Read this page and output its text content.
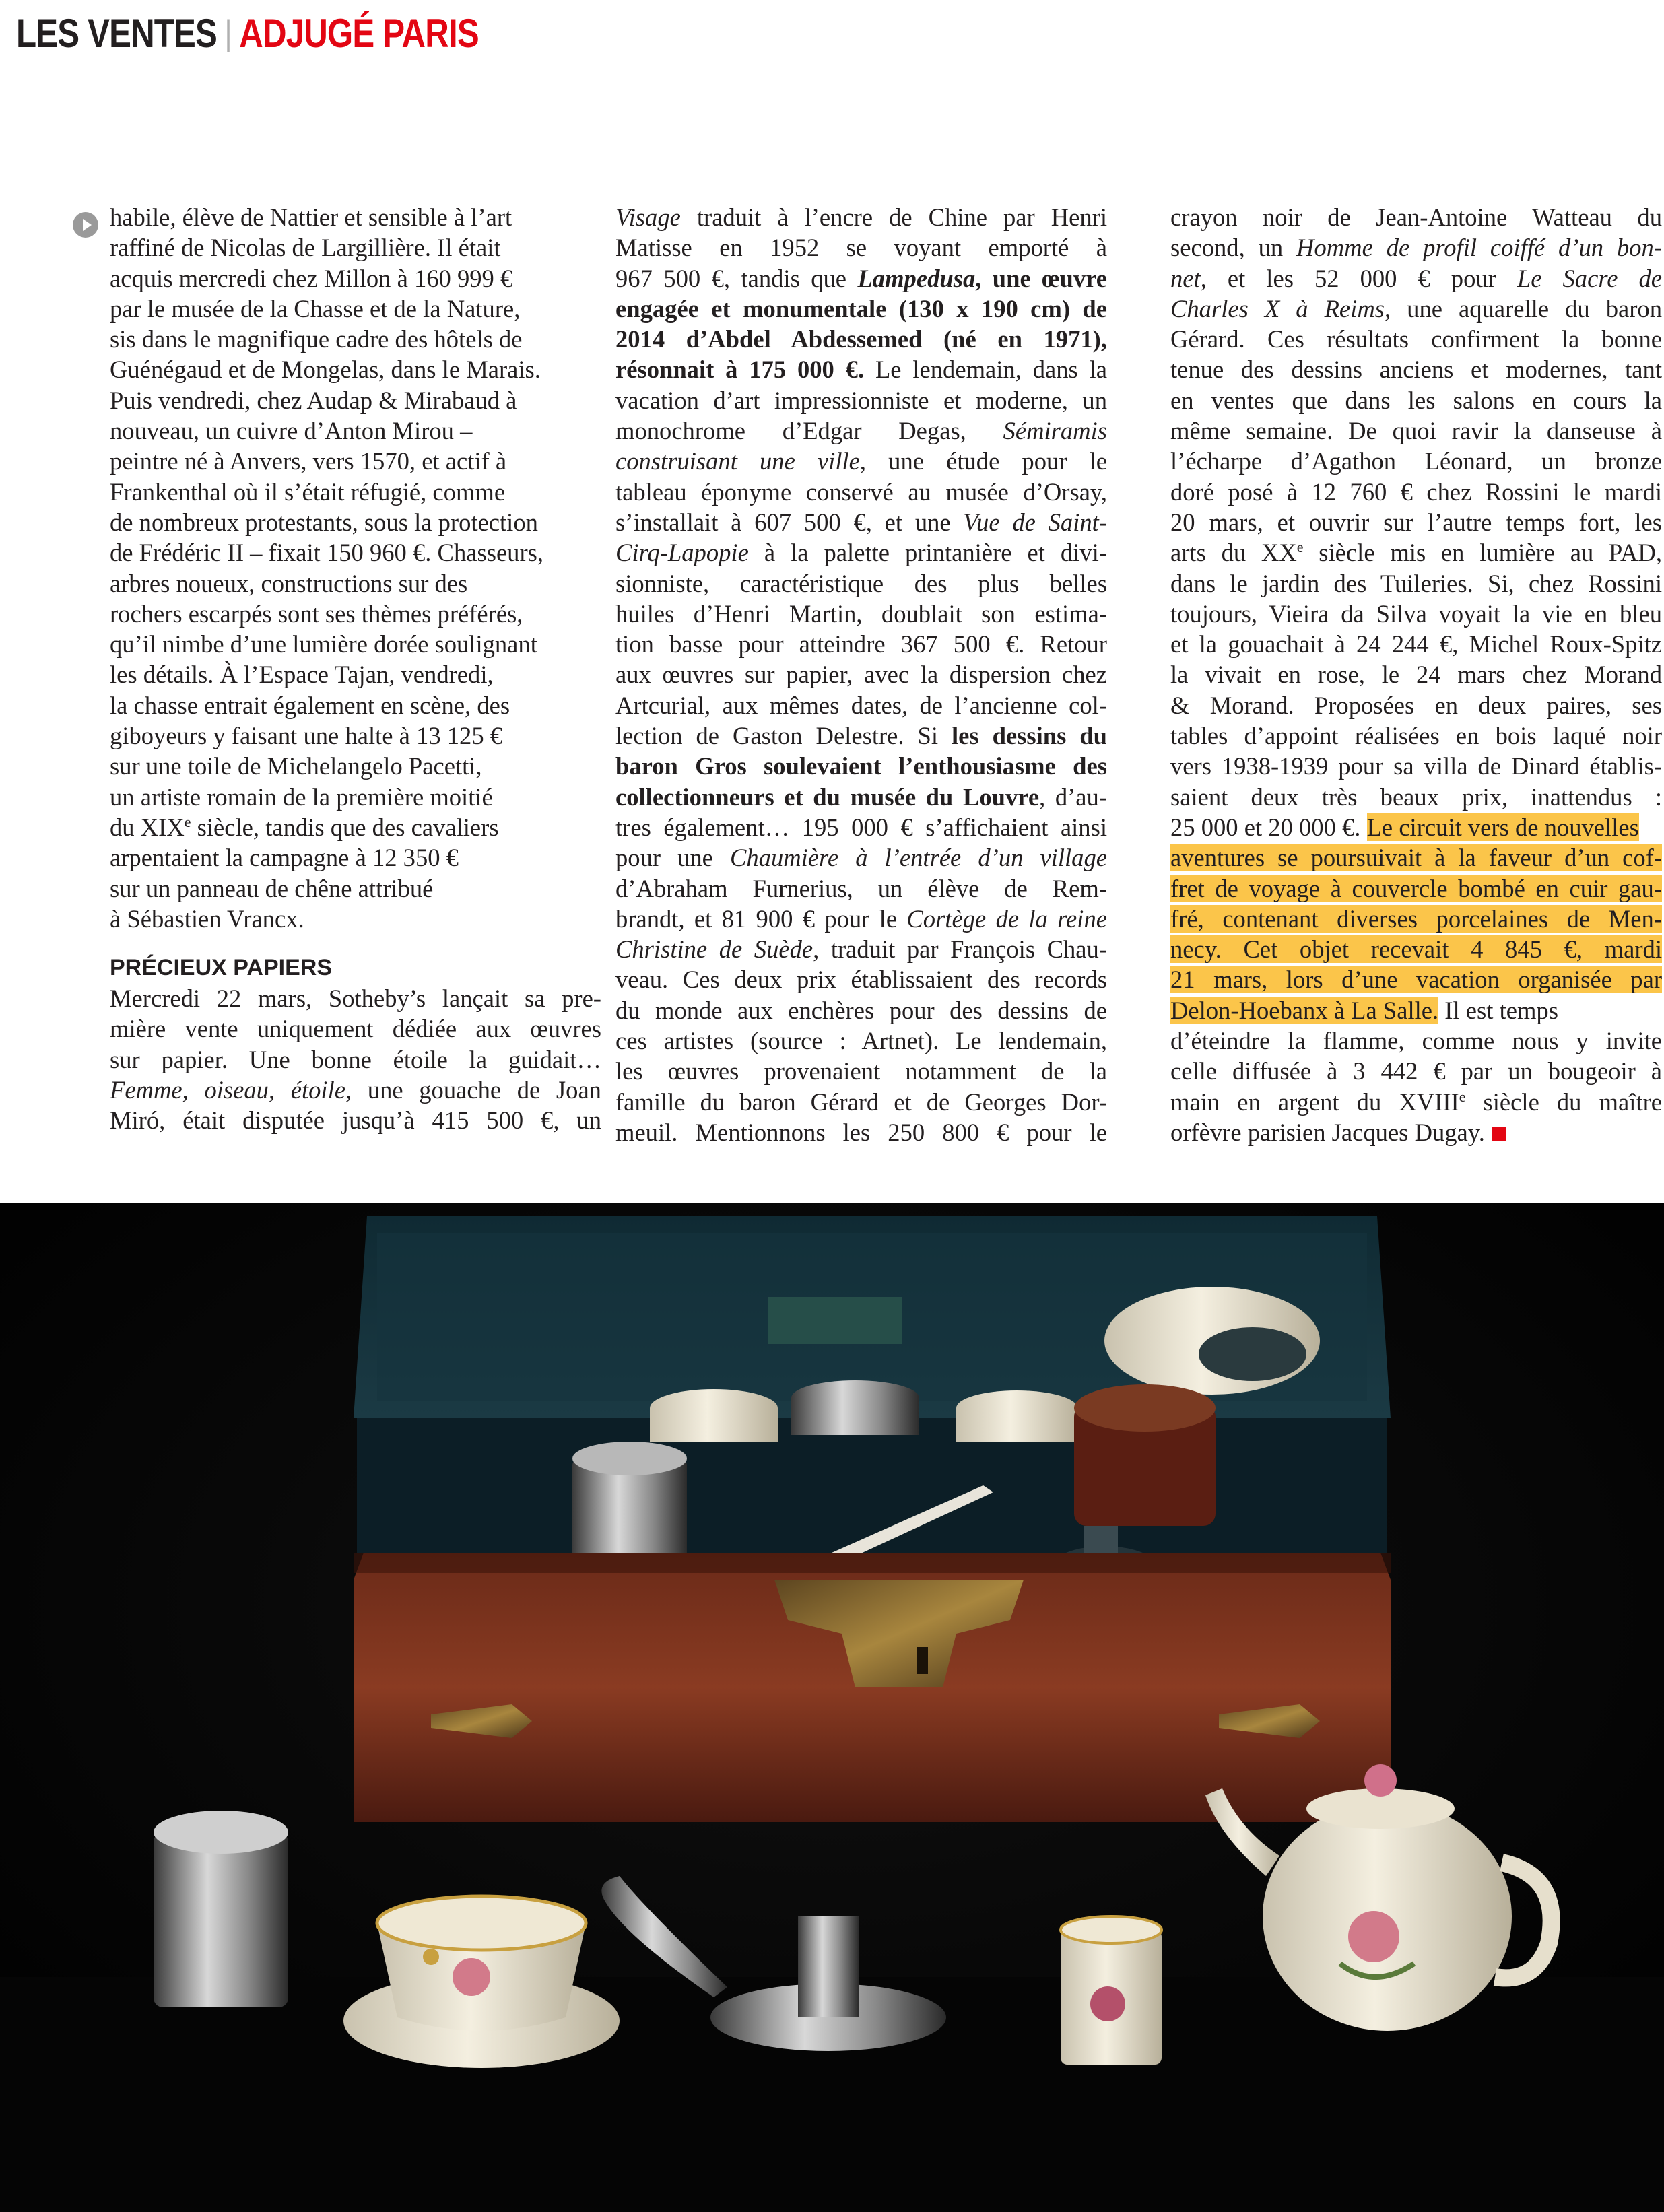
LES VENTES | ADJUGÉ PARIS

habile, élève de Nattier et sensible à l’art
raffiné de Nicolas de Largillière. Il était
acquis mercredi chez Millon à 160 999 €
par le musée de la Chasse et de la Nature,
sis dans le magnifique cadre des hôtels de
Guénégaud et de Mongelas, dans le Marais.
Puis vendredi, chez Audap & Mirabaud à
nouveau, un cuivre d’Anton Mirou –
peintre né à Anvers, vers 1570, et actif à
Frankenthal où il s’était réfugié, comme
de nombreux protestants, sous la protection
de Frédéric II – fixait 150 960 €. Chasseurs,
arbres noueux, constructions sur des
rochers escarpés sont ses thèmes préférés,
qu’il nimbe d’une lumière dorée soulignant
les détails. À l’Espace Tajan, vendredi,
la chasse entrait également en scène, des
giboyeurs y faisant une halte à 13 125 €
sur une toile de Michelangelo Pacetti,
un artiste romain de la première moitié
du XIXe siècle, tandis que des cavaliers
arpentaient la campagne à 12 350 €
sur un panneau de chêne attribué
à Sébastien Vrancx.

PRÉCIEUX PAPIERS

Mercredi 22 mars, Sotheby’s lançait sa pre-
mière vente uniquement dédiée aux œuvres
sur papier. Une bonne étoile la guidait…
Femme, oiseau, étoile, une gouache de Joan
Miró, était disputée jusqu’à 415 500 €, un

Visage traduit à l’encre de Chine par Henri
Matisse en 1952 se voyant emporté à
967 500 €, tandis que Lampedusa, une œuvre
engagée et monumentale (130 x 190 cm) de
2014 d’Abdel Abdessemed (né en 1971),
résonnait à 175 000 €. Le lendemain, dans la
vacation d’art impressionniste et moderne, un
monochrome d’Edgar Degas, Sémiramis
construisant une ville, une étude pour le
tableau éponyme conservé au musée d’Orsay,
s’installait à 607 500 €, et une Vue de Saint-
Cirq-Lapopie à la palette printanière et divi-
sionniste, caractéristique des plus belles
huiles d’Henri Martin, doublait son estima-
tion basse pour atteindre 367 500 €. Retour
aux œuvres sur papier, avec la dispersion chez
Artcurial, aux mêmes dates, de l’ancienne col-
lection de Gaston Delestre. Si les dessins du
baron Gros soulevaient l’enthousiasme des
collectionneurs et du musée du Louvre, d’au-
tres également… 195 000 € s’affichaient ainsi
pour une Chaumière à l’entrée d’un village
d’Abraham Furnerius, un élève de Rem-
brandt, et 81 900 € pour le Cortège de la reine
Christine de Suède, traduit par François Chau-
veau. Ces deux prix établissaient des records
du monde aux enchères pour des dessins de
ces artistes (source : Artnet). Le lendemain,
les œuvres provenaient notamment de la
famille du baron Gérard et de Georges Dor-
meuil. Mentionnons les 250 800 € pour le

crayon noir de Jean-Antoine Watteau du
second, un Homme de profil coiffé d’un bon-
net, et les 52 000 € pour Le Sacre de
Charles X à Reims, une aquarelle du baron
Gérard. Ces résultats confirment la bonne
tenue des dessins anciens et modernes, tant
en ventes que dans les salons en cours la
même semaine. De quoi ravir la danseuse à
l’écharpe d’Agathon Léonard, un bronze
doré posé à 12 760 € chez Rossini le mardi
20 mars, et ouvrir sur l’autre temps fort, les
arts du XXe siècle mis en lumière au PAD,
dans le jardin des Tuileries. Si, chez Rossini
toujours, Vieira da Silva voyait la vie en bleu
et la gouachait à 24 244 €, Michel Roux-Spitz
la vivait en rose, le 24 mars chez Morand
& Morand. Proposées en deux paires, ses
tables d’appoint réalisées en bois laqué noir
vers 1938-1939 pour sa villa de Dinard établis-
saient deux très beaux prix, inattendus :
25 000 et 20 000 €. Le circuit vers de nouvelles
aventures se poursuivait à la faveur d’un cof-
fret de voyage à couvercle bombé en cuir gau-
fré, contenant diverses porcelaines de Men-
necy. Cet objet recevait 4 845 €, mardi
21 mars, lors d’une vacation organisée par
Delon-Hoebanx à La Salle. Il est temps
d’éteindre la flamme, comme nous y invite
celle diffusée à 3 442 € par un bougeoir à
main en argent du XVIIIe siècle du maître
orfèvre parisien Jacques Dugay.
